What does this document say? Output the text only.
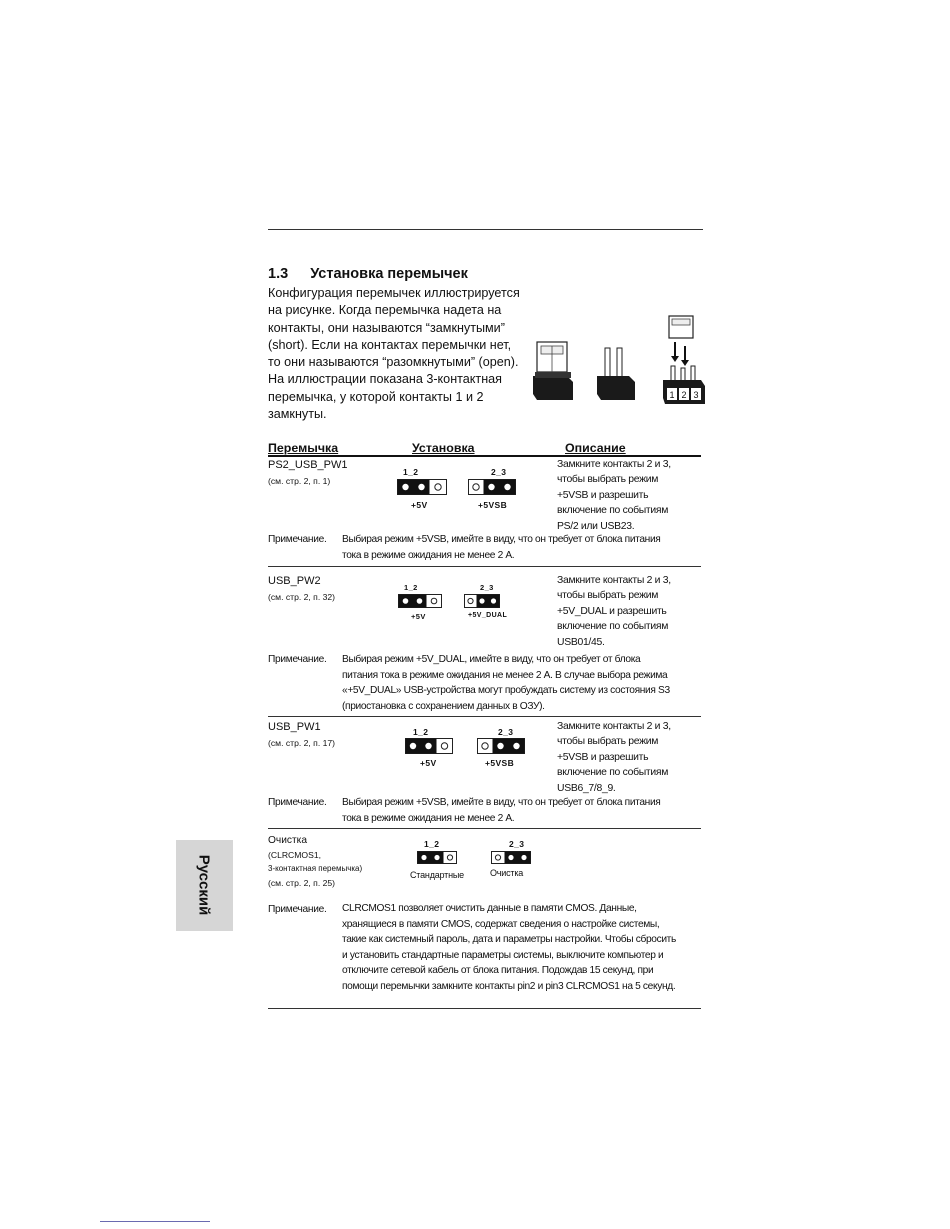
1.3 Установка перемычек
Конфигурация перемычек иллюстрируется
на рисунке. Когда перемычка надета на
контакты, они называются “замкнутыми”
(short). Если на контактах перемычки нет,
то они называются “разомкнутыми” (open).
На иллюстрации показана 3-контактная
перемычка, у которой контакты 1 и 2
замкнуты.
1 2 3
Перемычка	Установка	Описание
PS2_USB_PW1
(см. стр. 2, п. 1)
1_2
+5V
2_3
+5VSB
Замкните контакты 2 и 3,
чтобы выбрать режим
+5VSB и разрешить
включение по событиям
PS/2 или USB23.
Примечание. Выбирая режим +5VSB, имейте в виду, что он требует от блока питания
тока в режиме ожидания не менее 2 А.
USB_PW2
(см. стр. 2, п. 32)
1_2
+5V
2_3
+5V_DUAL
Замкните контакты 2 и 3,
чтобы выбрать режим
+5V_DUAL и разрешить
включение по событиям
USB01/45.
Примечание. Выбирая режим +5V_DUAL, имейте в виду, что он требует от блока
питания тока в режиме ожидания не менее 2 А. В случае выбора режима
«+5V_DUAL» USB-устройства могут пробуждать систему из состояния S3
(приостановка с сохранением данных в ОЗУ).
USB_PW1
(см. стр. 2, п. 17)
1_2
+5V
2_3
+5VSB
Замкните контакты 2 и 3,
чтобы выбрать режим
+5VSB и разрешить
включение по событиям
USB6_7/8_9.
Примечание. Выбирая режим +5VSB, имейте в виду, что он требует от блока питания
тока в режиме ожидания не менее 2 А.
Очистка
(CLRCMOS1,
3-контактная перемычка)
(см. стр. 2, п. 25)
1_2
Стандартные
2_3
Очистка
Примечание. CLRCMOS1 позволяет очистить данные в памяти CMOS. Данные,
хранящиеся в памяти CMOS, содержат сведения о настройке системы,
такие как системный пароль, дата и параметры настройки. Чтобы сбросить
и установить стандартные параметры системы, выключите компьютер и
отключите сетевой кабель от блока питания. Подождав 15 секунд, при
помощи перемычки замкните контакты pin2 и pin3 CLRCMOS1 на 5 секунд.
Русский
